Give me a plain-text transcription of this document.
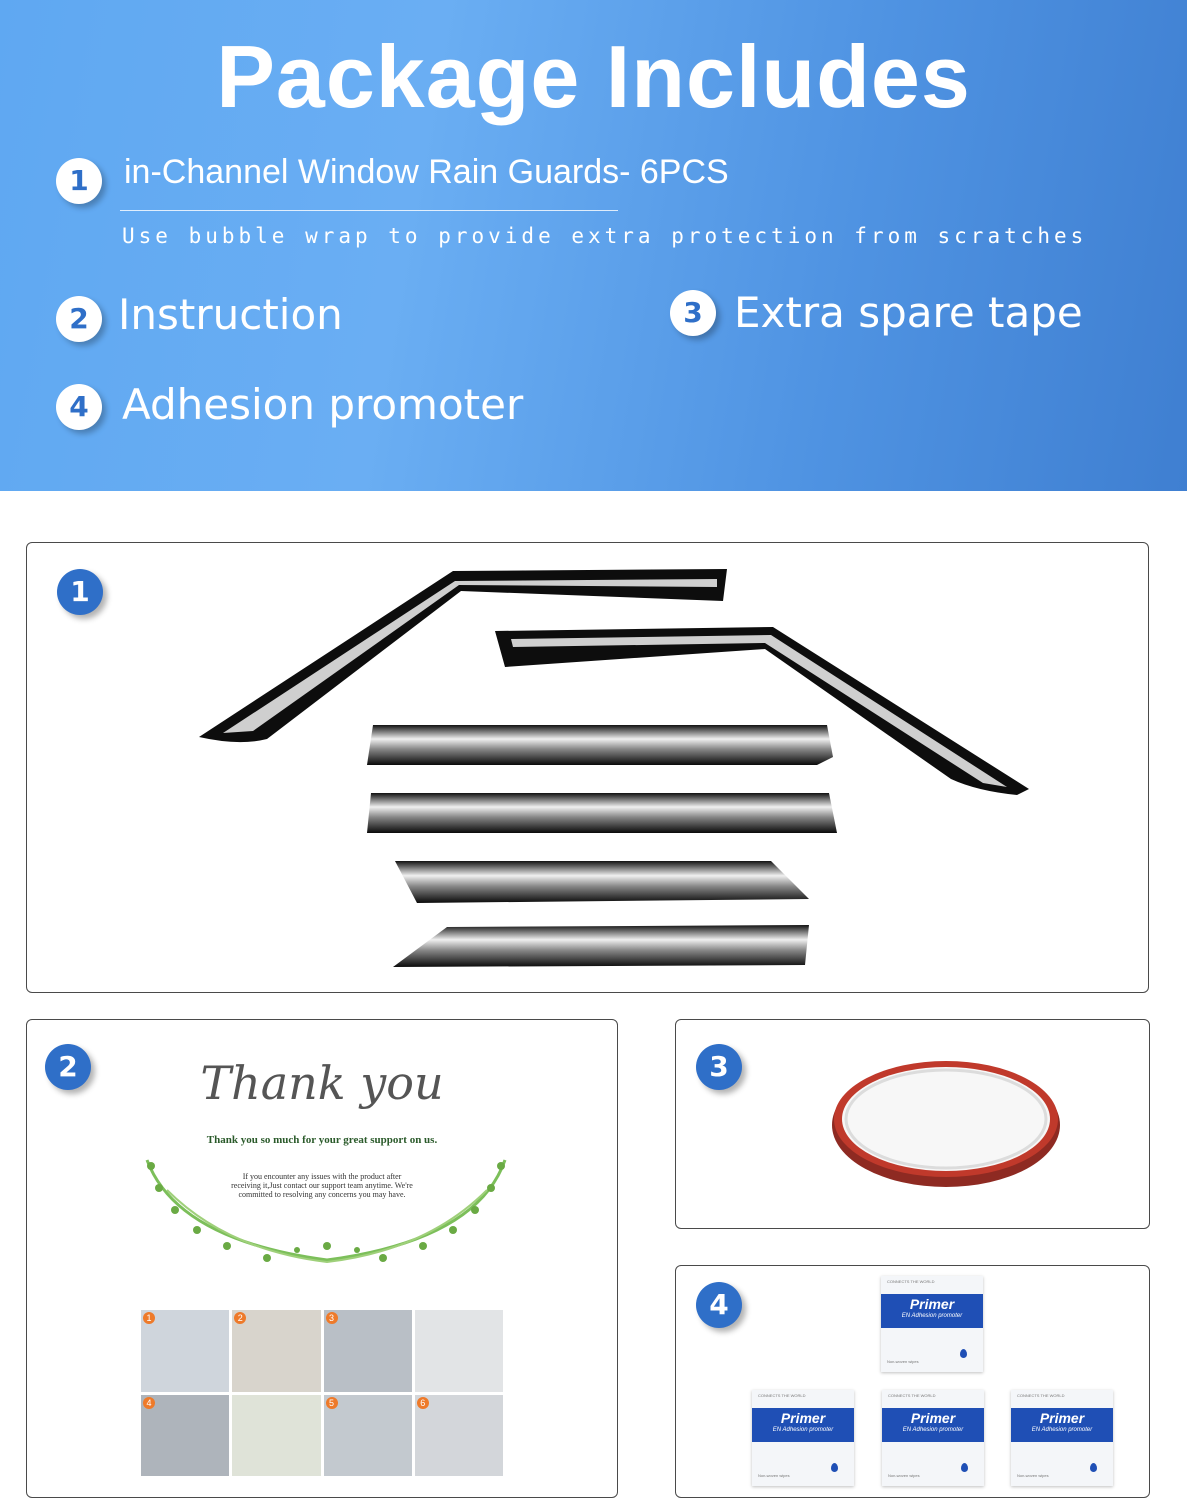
Package Includes
1	in-Channel Window Rain Guards- 6PCS
Use bubble wrap to provide extra protection from scratches
2 Instruction	3 Extra spare tape
4 Adhesion promoter
1
2	Thank you
Thank you so much for your great support on us.
If you encounter any issues with the product after receiving it,Just contact our support team anytime. We're committed to resolving any concerns you may have.
1	2	3
4	5	6
3
4
CONNECTS THE WORLD
Primer
EN Adhesion promoter
Non-woven wipes
CONNECTS THE WORLD
Primer
EN Adhesion promoter
Non-woven wipes
CONNECTS THE WORLD
Primer
EN Adhesion promoter
Non-woven wipes
CONNECTS THE WORLD
Primer
EN Adhesion promoter
Non-woven wipes
